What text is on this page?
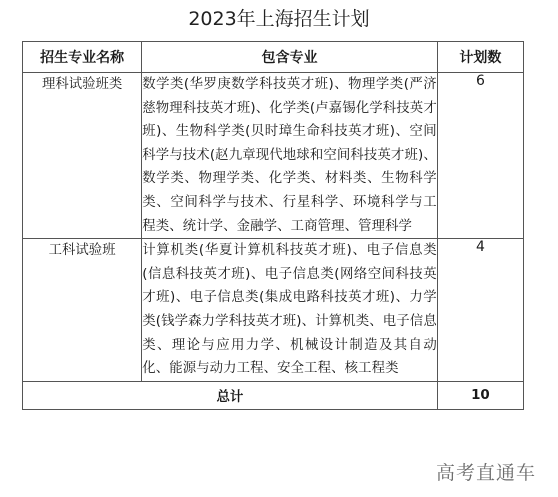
2023年上海招生计划
招生专业名称	包含专业	计划数
理科试验班类	数学类(华罗庚数学科技英才班)、物理学类(严济慈物理科技英才班)、化学类(卢嘉锡化学科技英才班)、生物科学类(贝时璋生命科技英才班)、空间科学与技术(赵九章现代地球和空间科技英才班)、数学类、物理学类、化学类、材料类、生物科学类、空间科学与技术、行星科学、环境科学与工程类、统计学、金融学、工商管理、管理科学	6
工科试验班	计算机类(华夏计算机科技英才班)、电子信息类(信息科技英才班)、电子信息类(网络空间科技英才班)、电子信息类(集成电路科技英才班)、力学类(钱学森力学科技英才班)、计算机类、电子信息类、理论与应用力学、机械设计制造及其自动化、能源与动力工程、安全工程、核工程类	4
总计		10
高考直通车
